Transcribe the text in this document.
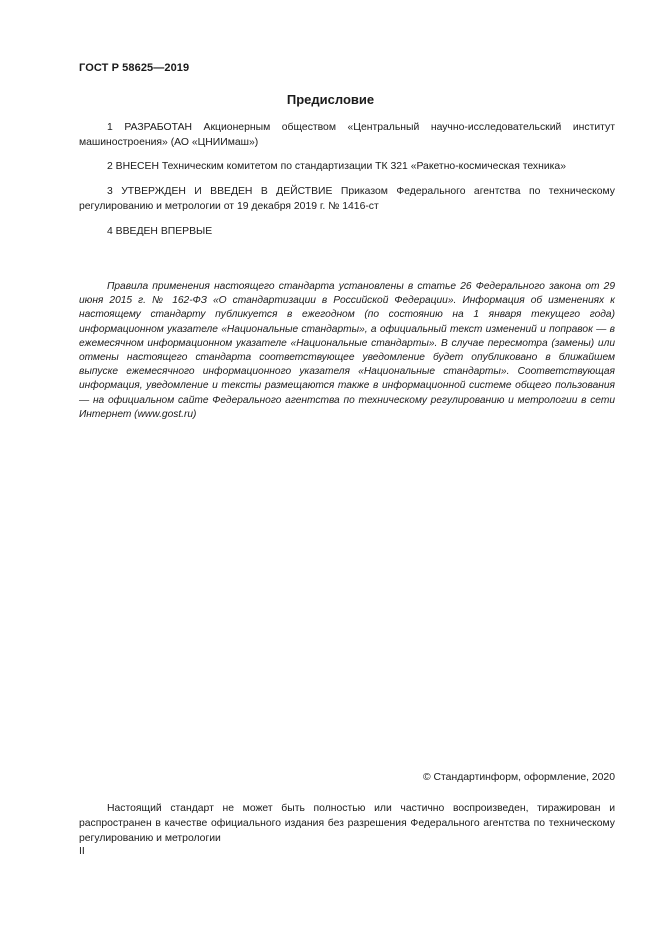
ГОСТ Р 58625—2019
Предисловие
1 РАЗРАБОТАН Акционерным обществом «Центральный научно-исследовательский институт машиностроения» (АО «ЦНИИмаш»)
2 ВНЕСЕН Техническим комитетом по стандартизации ТК 321 «Ракетно-космическая техника»
3 УТВЕРЖДЕН И ВВЕДЕН В ДЕЙСТВИЕ Приказом Федерального агентства по техническому регулированию и метрологии от 19 декабря 2019 г. № 1416-ст
4 ВВЕДЕН ВПЕРВЫЕ
Правила применения настоящего стандарта установлены в статье 26 Федерального закона от 29 июня 2015 г. № 162-ФЗ «О стандартизации в Российской Федерации». Информация об изменениях к настоящему стандарту публикуется в ежегодном (по состоянию на 1 января текущего года) информационном указателе «Национальные стандарты», а официальный текст изменений и поправок — в ежемесячном информационном указателе «Национальные стандарты». В случае пересмотра (замены) или отмены настоящего стандарта соответствующее уведомление будет опубликовано в ближайшем выпуске ежемесячного информационного указателя «Национальные стандарты». Соответствующая информация, уведомление и тексты размещаются также в информационной системе общего пользования — на официальном сайте Федерального агентства по техническому регулированию и метрологии в сети Интернет (www.gost.ru)
© Стандартинформ, оформление, 2020
Настоящий стандарт не может быть полностью или частично воспроизведен, тиражирован и распространен в качестве официального издания без разрешения Федерального агентства по техническому регулированию и метрологии
II
